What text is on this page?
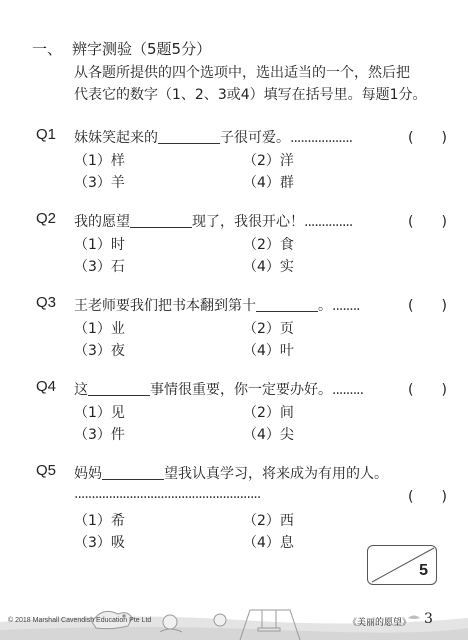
一、 辨字测验（5题5分）
从各题所提供的四个选项中，选出适当的一个，然后把
代表它的数字（1、2、3或4）填写在括号里。每题1分。
Q1 妹妹笑起来的	子很可爱。..................	(　　)
（1）样	（2）洋
（3）羊	（4）群
Q2 我的愿望	现了，我很开心！..............	(　　)
（1）时	（2）食
（3）石	（4）实
Q3 王老师要我们把书本翻到第十	。........	(　　)
（1）业	（2）页
（3）夜	（4）叶
Q4 这	事情很重要，你一定要办好。.........	(　　)
（1）见	（2）间
（3）件	（4）尖
Q5 妈妈	望我认真学习，将来成为有用的人。
......................................................	(　　)
（1）希	（2）西
（3）吸	（4）息
5
© 2018 Marshall Cavendish Education Pte Ltd	《美丽的愿望》 3
